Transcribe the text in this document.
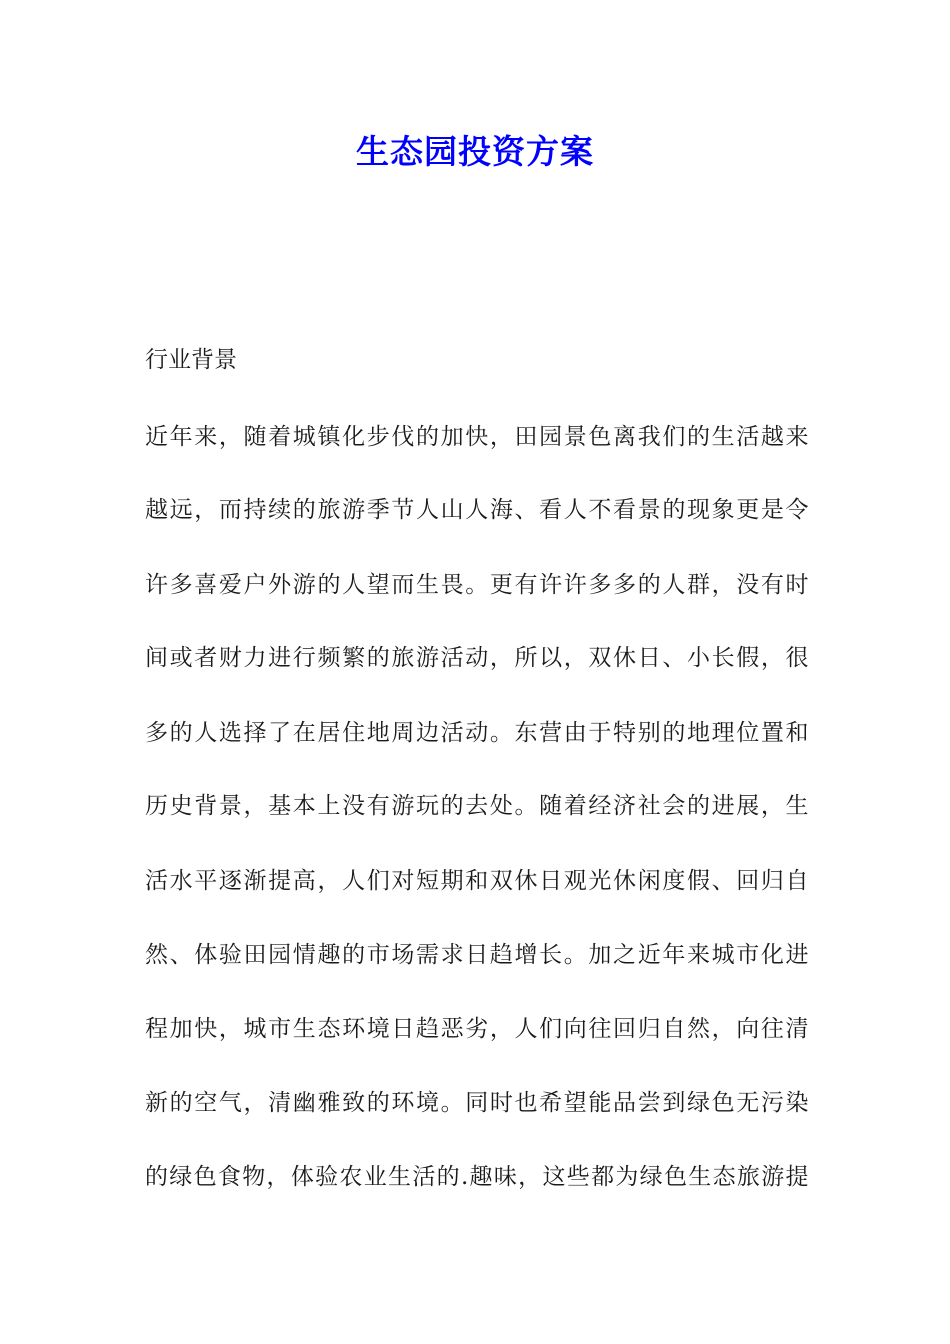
生态园投资方案
行业背景
近年来，随着城镇化步伐的加快，田园景色离我们的生活越来
越远，而持续的旅游季节人山人海、看人不看景的现象更是令
许多喜爱户外游的人望而生畏。更有许许多多的人群，没有时
间或者财力进行频繁的旅游活动，所以，双休日、小长假，很
多的人选择了在居住地周边活动。东营由于特别的地理位置和
历史背景，基本上没有游玩的去处。随着经济社会的进展，生
活水平逐渐提高，人们对短期和双休日观光休闲度假、回归自
然、体验田园情趣的市场需求日趋增长。加之近年来城市化进
程加快，城市生态环境日趋恶劣，人们向往回归自然，向往清
新的空气，清幽雅致的环境。同时也希望能品尝到绿色无污染
的绿色食物，体验农业生活的.趣味，这些都为绿色生态旅游提
